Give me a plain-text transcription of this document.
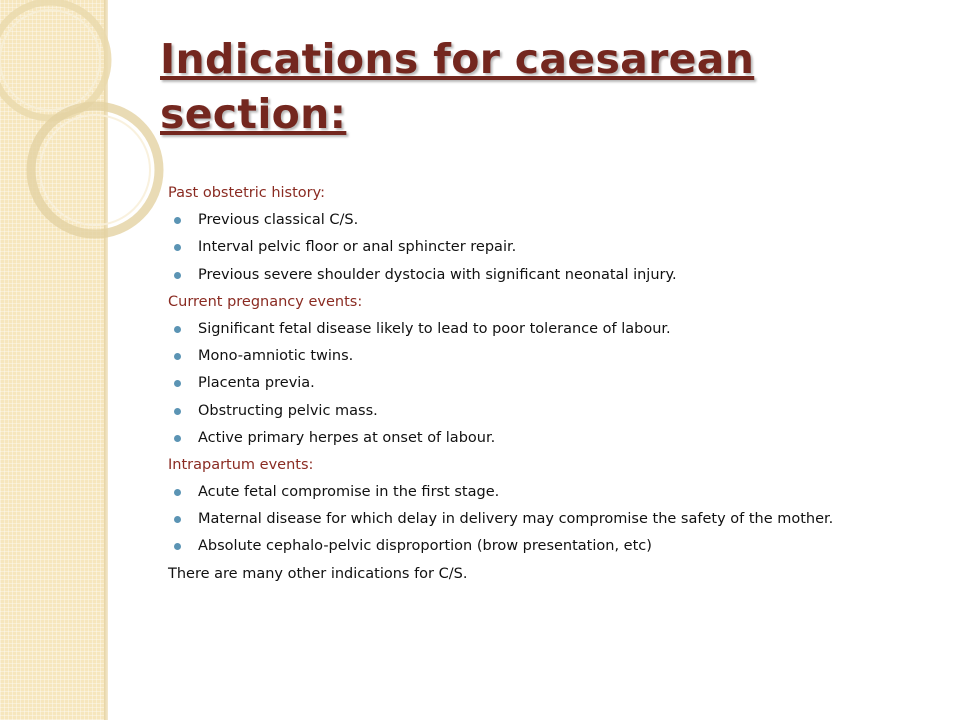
Indications for caesarean
section:
Past obstetric history:
Previous classical C/S.
Interval pelvic floor or anal sphincter repair.
Previous severe shoulder dystocia with significant neonatal injury.
Current pregnancy events:
Significant fetal disease likely to lead to poor tolerance of labour.
Mono-amniotic twins.
Placenta previa.
Obstructing pelvic mass.
Active primary herpes at onset of labour.
Intrapartum events:
Acute fetal compromise in the first stage.
Maternal disease for which delay in delivery may compromise the safety of the mother.
Absolute cephalo-pelvic disproportion (brow presentation, etc)
There are many other indications for C/S.
